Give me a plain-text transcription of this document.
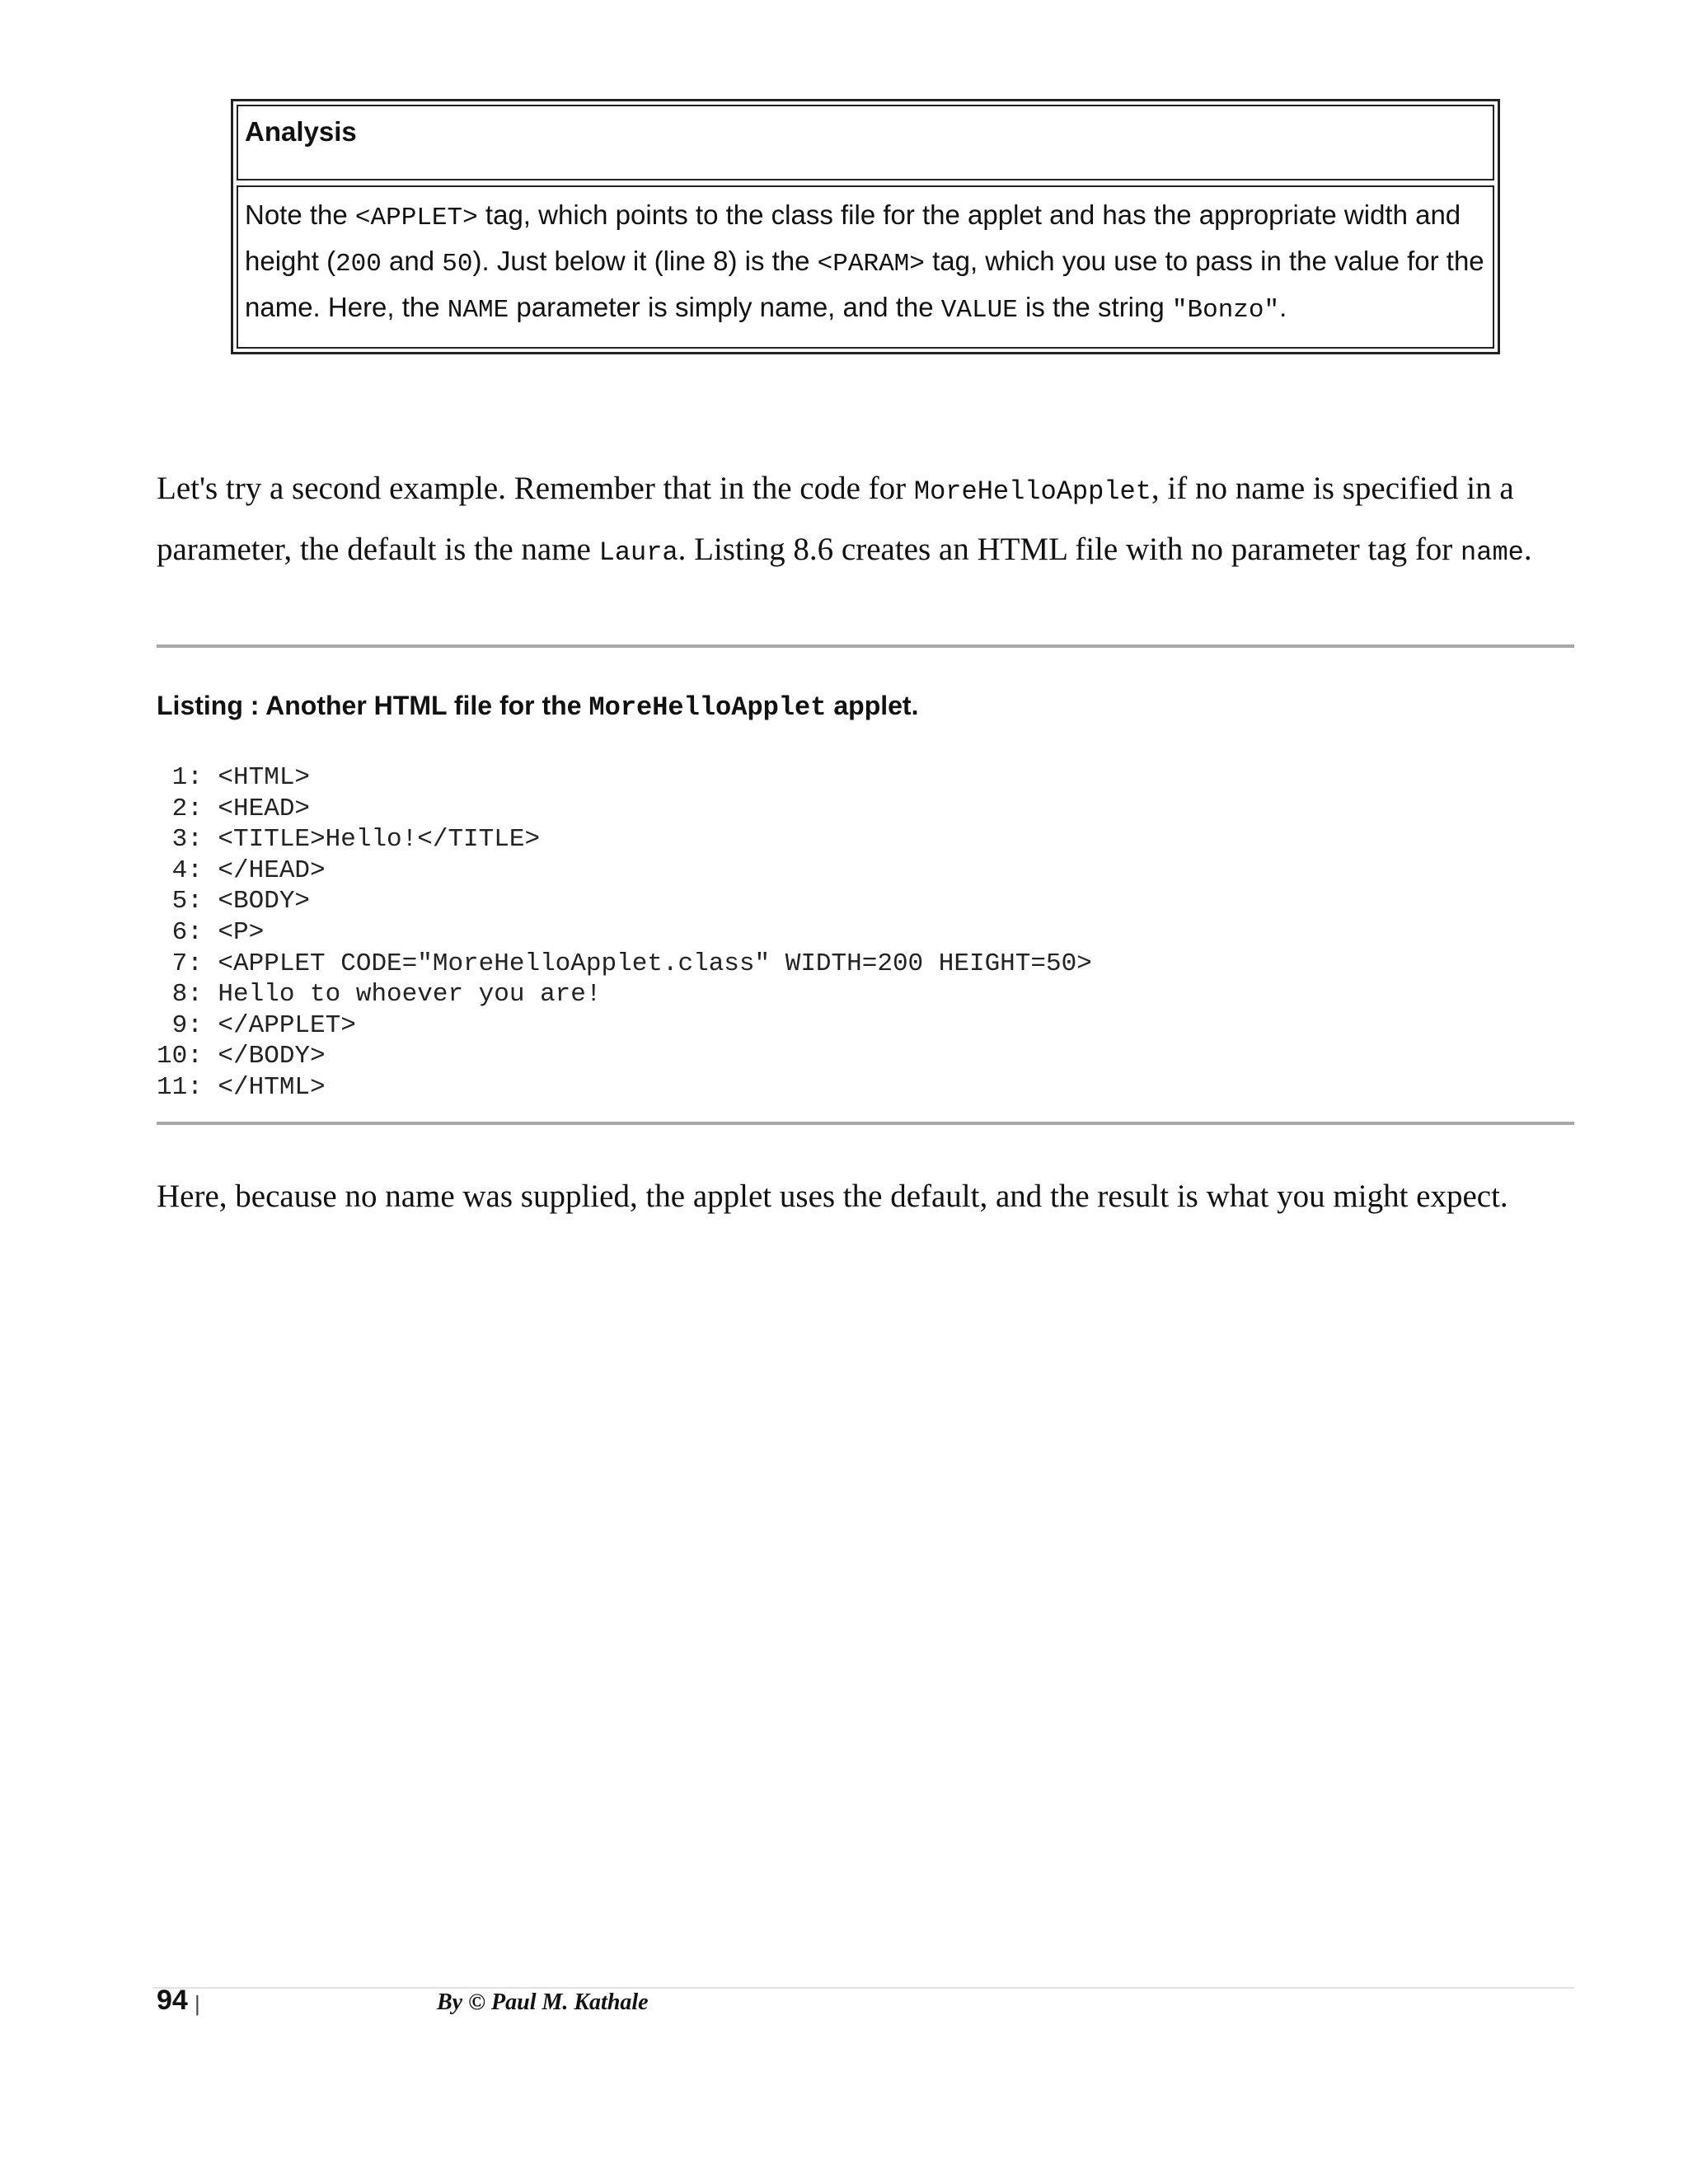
Analysis
Note the <APPLET> tag, which points to the class file for the applet and has the appropriate width and height (200 and 50). Just below it (line 8) is the <PARAM> tag, which you use to pass in the value for the name. Here, the NAME parameter is simply name, and the VALUE is the string "Bonzo".
Let's try a second example. Remember that in the code for MoreHelloApplet, if no name is specified in a parameter, the default is the name Laura. Listing 8.6 creates an HTML file with no parameter tag for name.
Listing : Another HTML file for the MoreHelloApplet applet.
1: <HTML>
2: <HEAD>
3: <TITLE>Hello!</TITLE>
4: </HEAD>
5: <BODY>
6: <P>
7: <APPLET CODE="MoreHelloApplet.class" WIDTH=200 HEIGHT=50>
8: Hello to whoever you are!
9: </APPLET>
10: </BODY>
11: </HTML>
Here, because no name was supplied, the applet uses the default, and the result is what you might expect.
94 |	By © Paul M. Kathale
